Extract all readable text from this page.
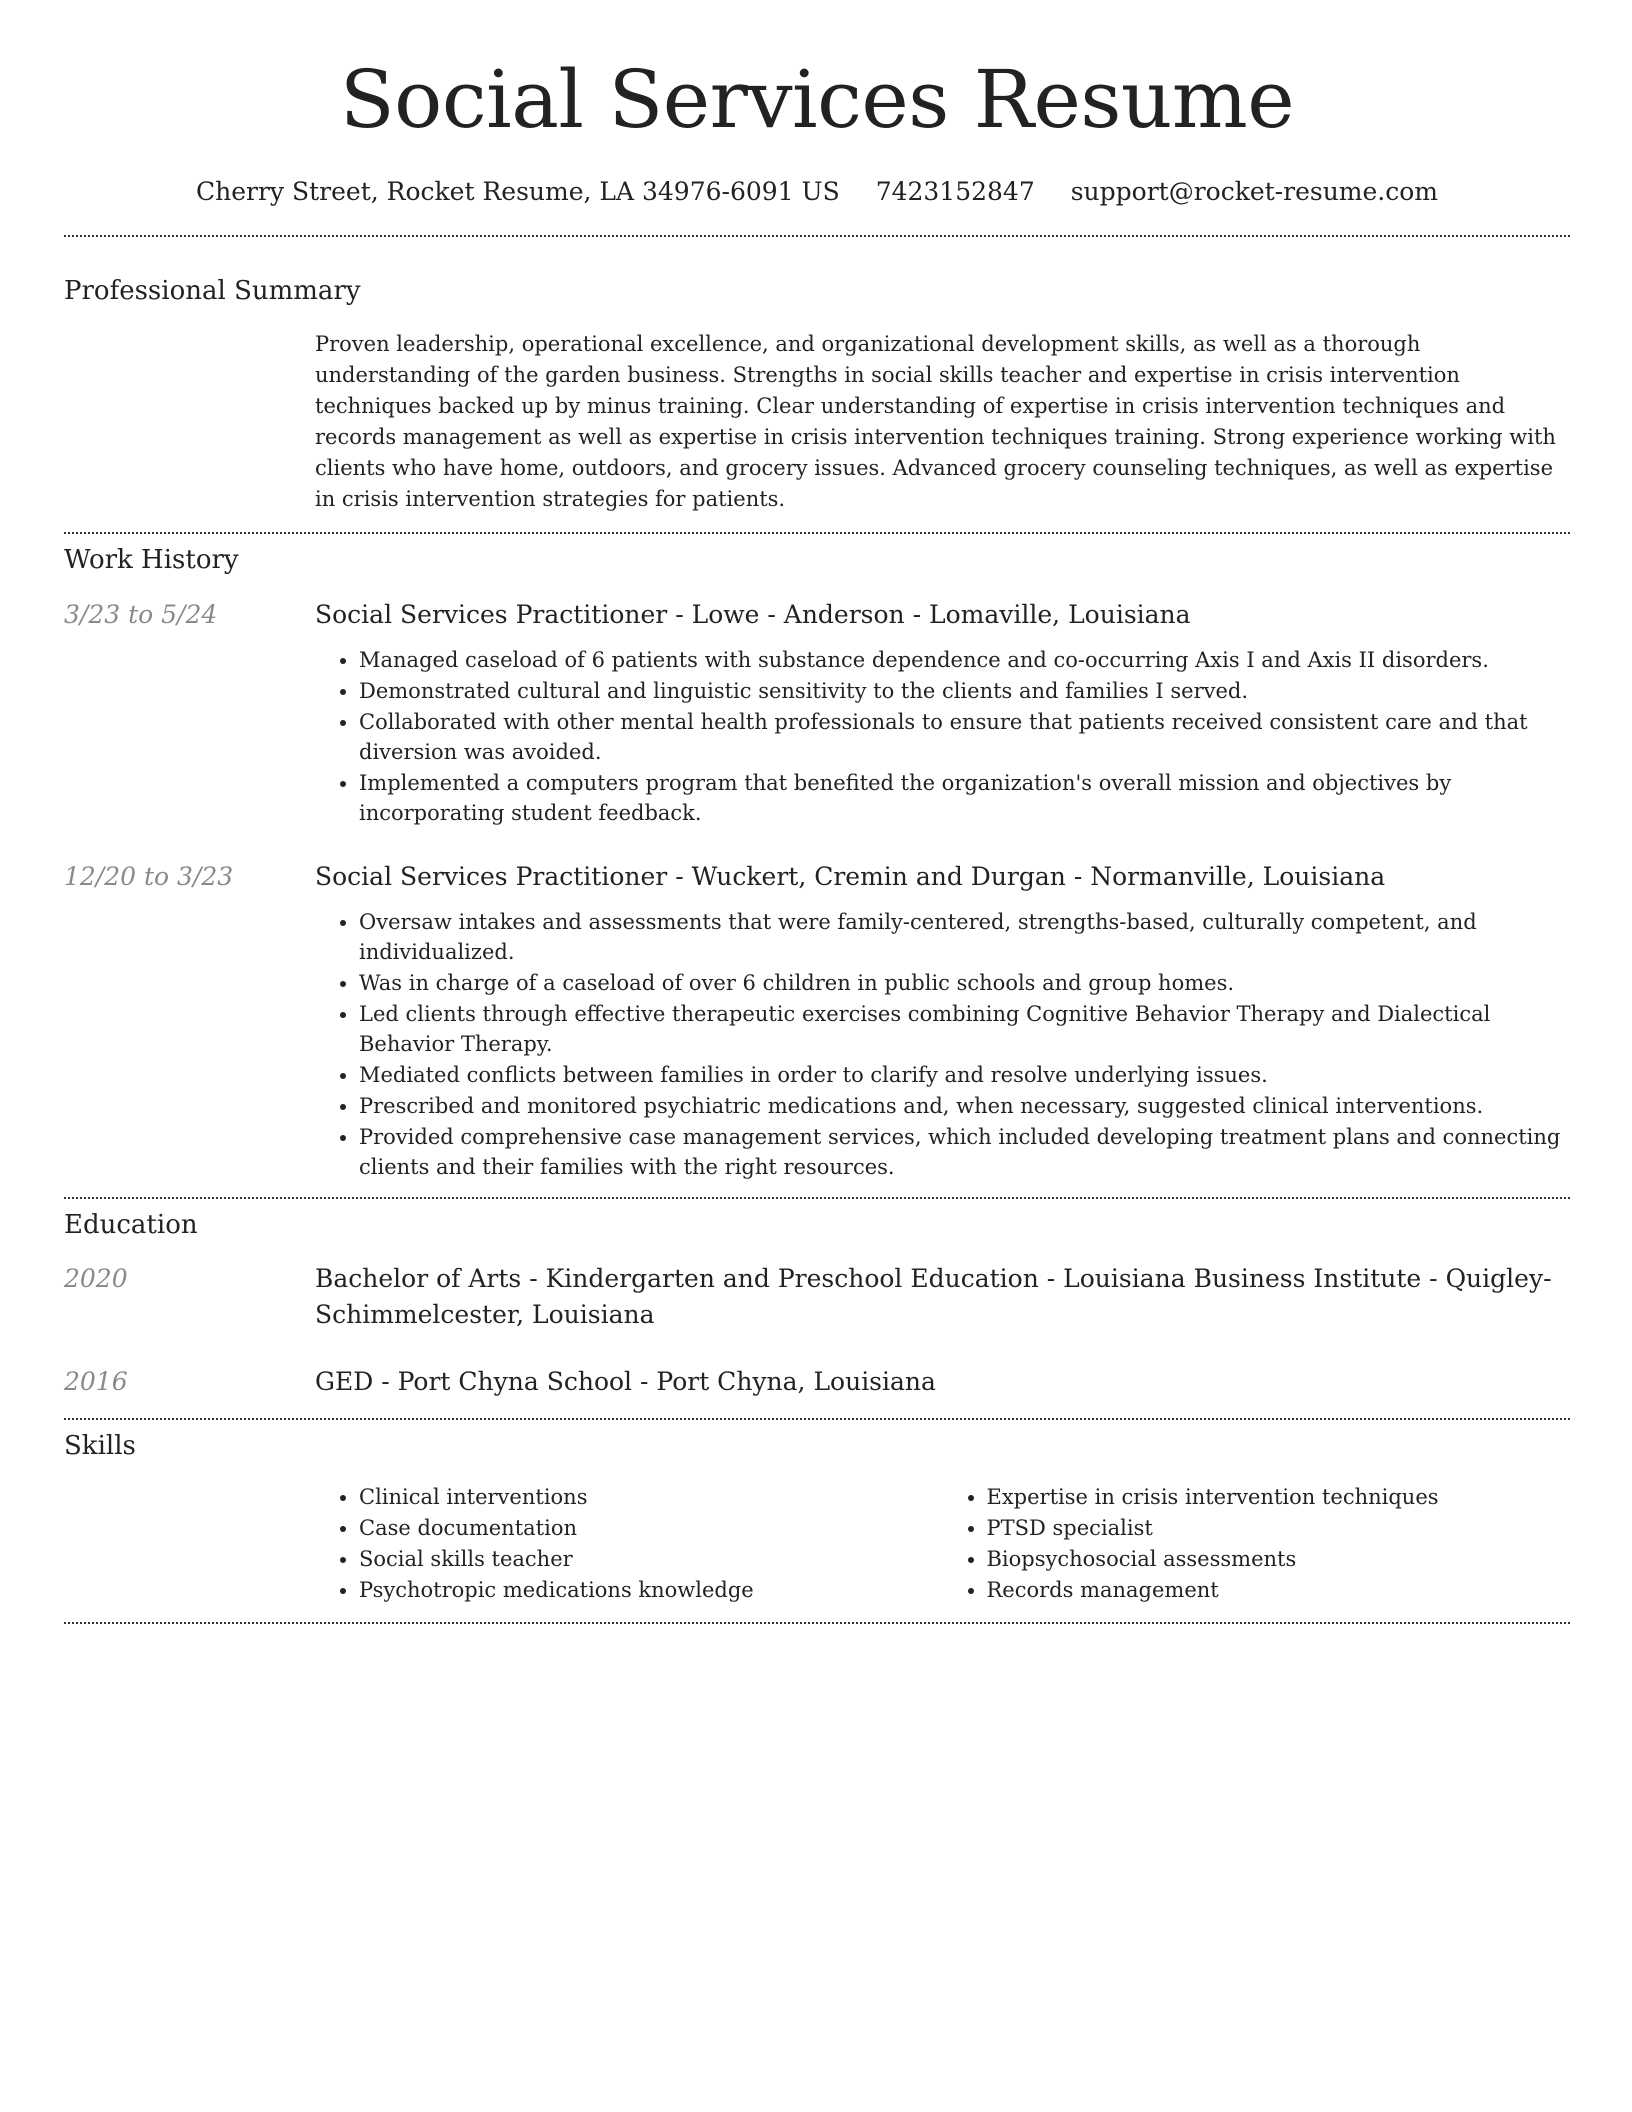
Social Services Resume
Cherry Street, Rocket Resume, LA 34976-6091 US 7423152847 support@rocket-resume.com
Professional Summary
Proven leadership, operational excellence, and organizational development skills, as well as a thorough understanding of the garden business. Strengths in social skills teacher and expertise in crisis intervention techniques backed up by minus training. Clear understanding of expertise in crisis intervention techniques and records management as well as expertise in crisis intervention techniques training. Strong experience working with clients who have home, outdoors, and grocery issues. Advanced grocery counseling techniques, as well as expertise in crisis intervention strategies for patients.
Work History
3/23 to 5/24	Social Services Practitioner - Lowe - Anderson - Lomaville, Louisiana
• Managed caseload of 6 patients with substance dependence and co-occurring Axis I and Axis II disorders.
• Demonstrated cultural and linguistic sensitivity to the clients and families I served.
• Collaborated with other mental health professionals to ensure that patients received consistent care and that diversion was avoided.
• Implemented a computers program that benefited the organization's overall mission and objectives by incorporating student feedback.
12/20 to 3/23	Social Services Practitioner - Wuckert, Cremin and Durgan - Normanville, Louisiana
• Oversaw intakes and assessments that were family-centered, strengths-based, culturally competent, and individualized.
• Was in charge of a caseload of over 6 children in public schools and group homes.
• Led clients through effective therapeutic exercises combining Cognitive Behavior Therapy and Dialectical Behavior Therapy.
• Mediated conflicts between families in order to clarify and resolve underlying issues.
• Prescribed and monitored psychiatric medications and, when necessary, suggested clinical interventions.
• Provided comprehensive case management services, which included developing treatment plans and connecting clients and their families with the right resources.
Education
2020	Bachelor of Arts - Kindergarten and Preschool Education - Louisiana Business Institute - Quigley-Schimmelcester, Louisiana
2016	GED - Port Chyna School - Port Chyna, Louisiana
Skills
• Clinical interventions
• Case documentation
• Social skills teacher
• Psychotropic medications knowledge
• Expertise in crisis intervention techniques
• PTSD specialist
• Biopsychosocial assessments
• Records management
